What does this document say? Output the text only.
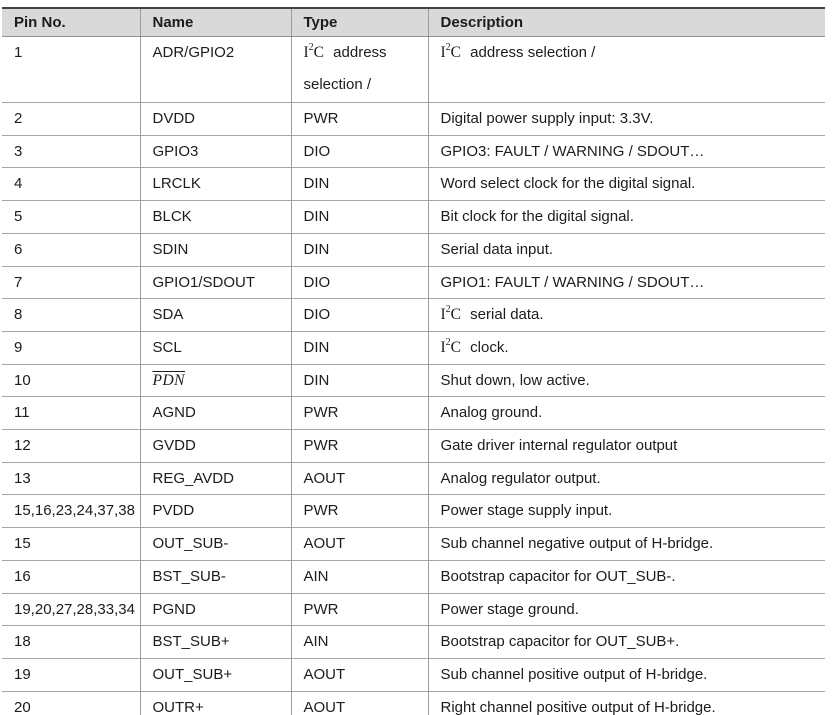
Pin No.	Name	Type	Description
1	ADR/GPIO2	$I^2C$ address selection /	$I^2C$ address selection /
2	DVDD	PWR	Digital power supply input: 3.3V.
3	GPIO3	DIO	GPIO3: FAULT / WARNING / SDOUT…
4	LRCLK	DIN	Word select clock for the digital signal.
5	BLCK	DIN	Bit clock for the digital signal.
6	SDIN	DIN	Serial data input.
7	GPIO1/SDOUT	DIO	GPIO1: FAULT / WARNING / SDOUT…
8	SDA	DIO	$I^2C$ serial data.
9	SCL	DIN	$I^2C$ clock.
10	$\overline{PDN}$	DIN	Shut down, low active.
11	AGND	PWR	Analog ground.
12	GVDD	PWR	Gate driver internal regulator output
13	REG_AVDD	AOUT	Analog regulator output.
15,16,23,24,37,38	PVDD	PWR	Power stage supply input.
15	OUT_SUB-	AOUT	Sub channel negative output of H-bridge.
16	BST_SUB-	AIN	Bootstrap capacitor for OUT_SUB-.
19,20,27,28,33,34	PGND	PWR	Power stage ground.
18	BST_SUB+	AIN	Bootstrap capacitor for OUT_SUB+.
19	OUT_SUB+	AOUT	Sub channel positive output of H-bridge.
20	OUTR+	AOUT	Right channel positive output of H-bridge.
